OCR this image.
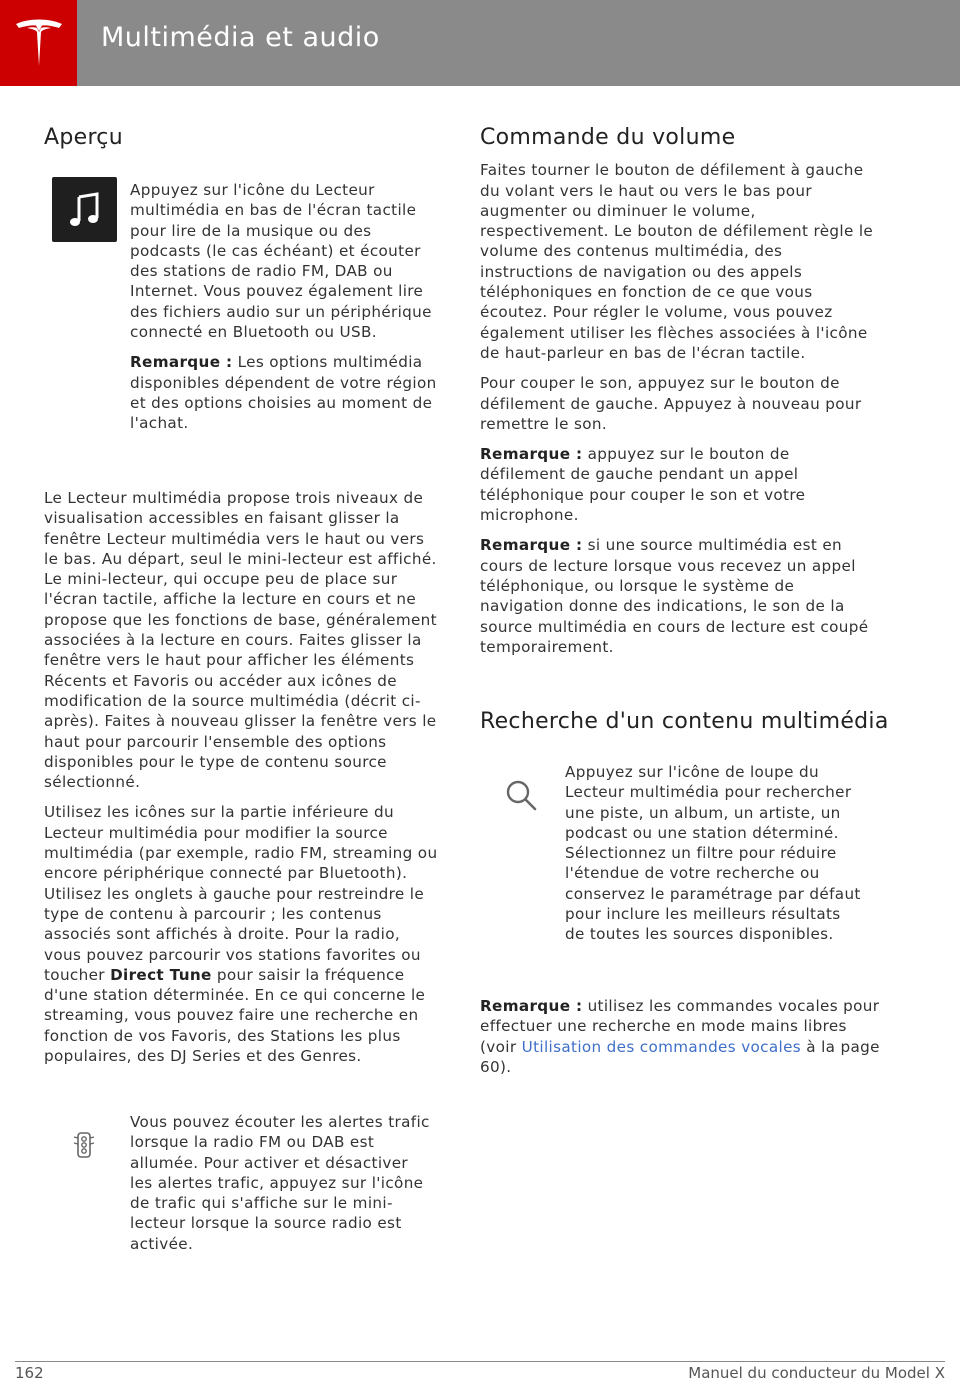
Multimédia et audio
Aperçu

Appuyez sur l'icône du Lecteur multimédia en bas de l'écran tactile pour lire de la musique ou des podcasts (le cas échéant) et écouter des stations de radio FM, DAB ou Internet. Vous pouvez également lire des fichiers audio sur un périphérique connecté en Bluetooth ou USB.

Remarque : Les options multimédia disponibles dépendent de votre région et des options choisies au moment de l'achat.

Le Lecteur multimédia propose trois niveaux de visualisation accessibles en faisant glisser la fenêtre Lecteur multimédia vers le haut ou vers le bas. Au départ, seul le mini-lecteur est affiché. Le mini-lecteur, qui occupe peu de place sur l'écran tactile, affiche la lecture en cours et ne propose que les fonctions de base, généralement associées à la lecture en cours. Faites glisser la fenêtre vers le haut pour afficher les éléments Récents et Favoris ou accéder aux icônes de modification de la source multimédia (décrit ci-après). Faites à nouveau glisser la fenêtre vers le haut pour parcourir l'ensemble des options disponibles pour le type de contenu source sélectionné.

Utilisez les icônes sur la partie inférieure du Lecteur multimédia pour modifier la source multimédia (par exemple, radio FM, streaming ou encore périphérique connecté par Bluetooth). Utilisez les onglets à gauche pour restreindre le type de contenu à parcourir ; les contenus associés sont affichés à droite. Pour la radio, vous pouvez parcourir vos stations favorites ou toucher Direct Tune pour saisir la fréquence d'une station déterminée. En ce qui concerne le streaming, vous pouvez faire une recherche en fonction de vos Favoris, des Stations les plus populaires, des DJ Series et des Genres.

Vous pouvez écouter les alertes trafic lorsque la radio FM ou DAB est allumée. Pour activer et désactiver les alertes trafic, appuyez sur l'icône de trafic qui s'affiche sur le mini-lecteur lorsque la source radio est activée.

Commande du volume

Faites tourner le bouton de défilement à gauche du volant vers le haut ou vers le bas pour augmenter ou diminuer le volume, respectivement. Le bouton de défilement règle le volume des contenus multimédia, des instructions de navigation ou des appels téléphoniques en fonction de ce que vous écoutez. Pour régler le volume, vous pouvez également utiliser les flèches associées à l'icône de haut-parleur en bas de l'écran tactile.

Pour couper le son, appuyez sur le bouton de défilement de gauche. Appuyez à nouveau pour remettre le son.

Remarque : appuyez sur le bouton de défilement de gauche pendant un appel téléphonique pour couper le son et votre microphone.

Remarque : si une source multimédia est en cours de lecture lorsque vous recevez un appel téléphonique, ou lorsque le système de navigation donne des indications, le son de la source multimédia en cours de lecture est coupé temporairement.

Recherche d'un contenu multimédia

Appuyez sur l'icône de loupe du Lecteur multimédia pour rechercher une piste, un album, un artiste, un podcast ou une station déterminé. Sélectionnez un filtre pour réduire l'étendue de votre recherche ou conservez le paramétrage par défaut pour inclure les meilleurs résultats de toutes les sources disponibles.

Remarque : utilisez les commandes vocales pour effectuer une recherche en mode mains libres (voir Utilisation des commandes vocales à la page 60).

162	Manuel du conducteur du Model X
